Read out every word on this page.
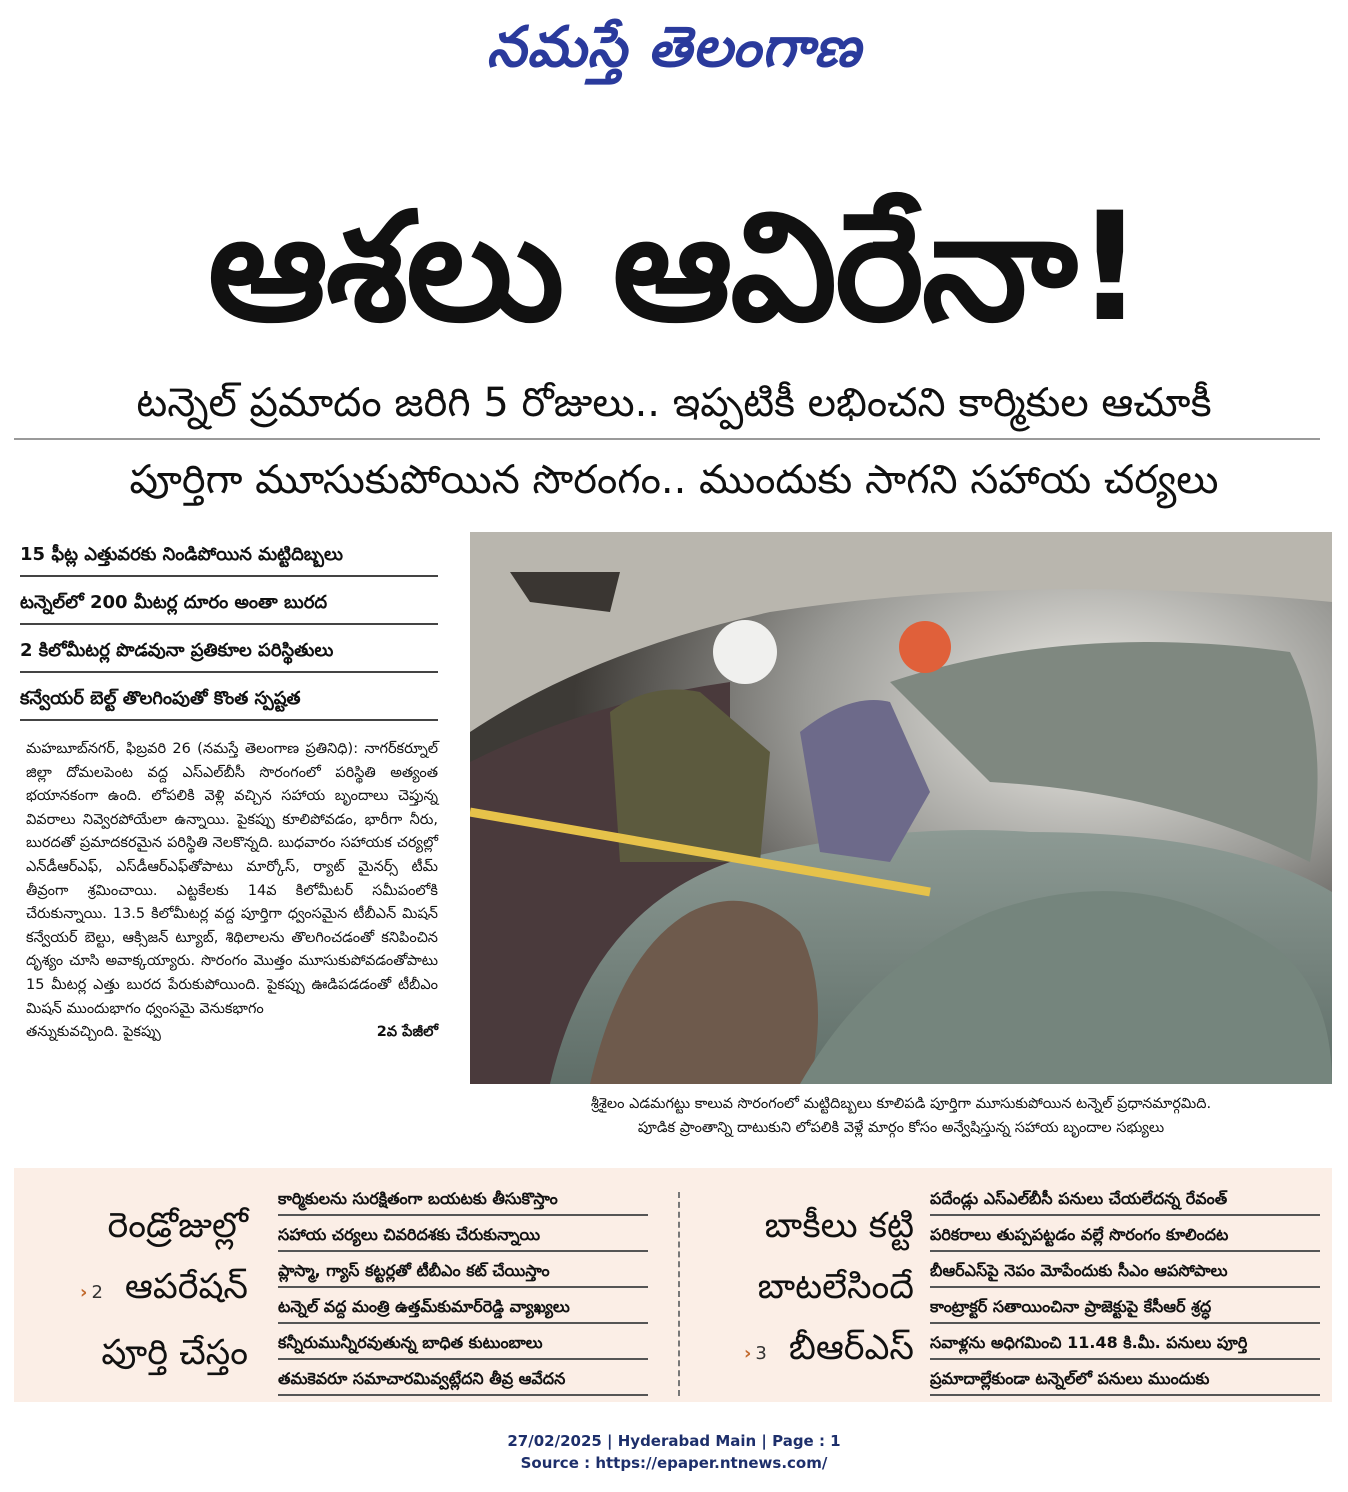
నమస్తే తెలంగాణ
ఆశలు ఆవిరేనా!
టన్నెల్ ప్రమాదం జరిగి 5 రోజులు.. ఇప్పటికీ లభించని కార్మికుల ఆచూకీ
పూర్తిగా మూసుకుపోయిన సొరంగం.. ముందుకు సాగని సహాయ చర్యలు
15 ఫీట్ల ఎత్తువరకు నిండిపోయిన మట్టిదిబ్బలు
టన్నెల్‌లో 200 మీటర్ల దూరం అంతా బురద
2 కిలోమీటర్ల పొడవునా ప్రతికూల పరిస్థితులు
కన్వేయర్ బెల్ట్ తొలగింపుతో కొంత స్పష్టత

మహబూబ్‌నగర్, ఫిబ్రవరి 26 (నమస్తే తెలంగాణ ప్రతినిధి): నాగర్‌కర్నూల్ జిల్లా దోమలపెంట వద్ద ఎస్‌ఎల్‌బీసీ సొరంగంలో పరిస్థితి అత్యంత భయానకంగా ఉంది. లోపలికి వెళ్లి వచ్చిన సహాయ బృందాలు చెప్తున్న వివరాలు నివ్వెరపోయేలా ఉన్నాయి. పైకప్పు కూలిపోవడం, భారీగా నీరు, బురదతో ప్రమాదకరమైన పరిస్థితి నెలకొన్నది. బుధవారం సహాయక చర్యల్లో ఎన్‌డీఆర్‌ఎఫ్, ఎస్‌డీఆర్‌ఎఫ్‌తోపాటు మార్కోస్, ర్యాట్ మైనర్స్ టీమ్ తీవ్రంగా శ్రమించాయి. ఎట్టకేలకు 14వ కిలోమీటర్ సమీపంలోకి చేరుకున్నాయి. 13.5 కిలోమీటర్ల వద్ద పూర్తిగా ధ్వంసమైన టీబీఎన్ మిషన్ కన్వేయర్ బెల్టు, ఆక్సిజన్ ట్యూబ్, శిథిలాలను తొలగించడంతో కనిపించిన దృశ్యం చూసి అవాక్కయ్యారు. సొరంగం మొత్తం మూసుకుపోవడంతోపాటు 15 మీటర్ల ఎత్తు బురద పేరుకుపోయింది. పైకప్పు ఊడిపడడంతో టీబీఎం మిషన్ ముందుభాగం ధ్వంసమై వెనుకభాగం

తన్నుకువచ్చింది. పైకప్పు	2వ పేజీలో
శ్రీశైలం ఎడమగట్టు కాలువ సొరంగంలో మట్టిదిబ్బలు కూలిపడి పూర్తిగా మూసుకుపోయిన టన్నెల్ ప్రధానమార్గమిది.
పూడిక ప్రాంతాన్ని దాటుకుని లోపలికి వెళ్లే మార్గం కోసం అన్వేషిస్తున్న సహాయ బృందాల సభ్యులు
రెండ్రోజుల్లో
› 2 ఆపరేషన్
పూర్తి చేస్తం
కార్మికులను సురక్షితంగా బయటకు తీసుకొస్తాం
సహాయ చర్యలు చివరిదశకు చేరుకున్నాయి
ప్లాస్మా, గ్యాస్ కట్టర్లతో టీబీఎం కట్ చేయిస్తాం
టన్నెల్ వద్ద మంత్రి ఉత్తమ్‌కుమార్‌రెడ్డి వ్యాఖ్యలు
కన్నీరుమున్నీరవుతున్న బాధిత కుటుంబాలు
తమకెవరూ సమాచారమివ్వట్లేదని తీవ్ర ఆవేదన
బాకీలు కట్టి
బాటలేసిందే
› 3 బీఆర్‌ఎస్
పదేండ్లు ఎస్‌ఎల్‌బీసీ పనులు చేయలేదన్న రేవంత్
పరికరాలు తుప్పపట్టడం వల్లే సొరంగం కూలిందట
బీఆర్‌ఎస్‌పై నెపం మోపేందుకు సీఎం ఆపసోపాలు
కాంట్రాక్టర్ సతాయించినా ప్రాజెక్టుపై కేసీఆర్ శ్రద్ధ
సవాళ్లను అధిగమించి 11.48 కి.మీ. పనులు పూర్తి
ప్రమాదాల్లేకుండా టన్నెల్‌లో పనులు ముందుకు
27/02/2025 | Hyderabad Main | Page : 1
Source : https://epaper.ntnews.com/
